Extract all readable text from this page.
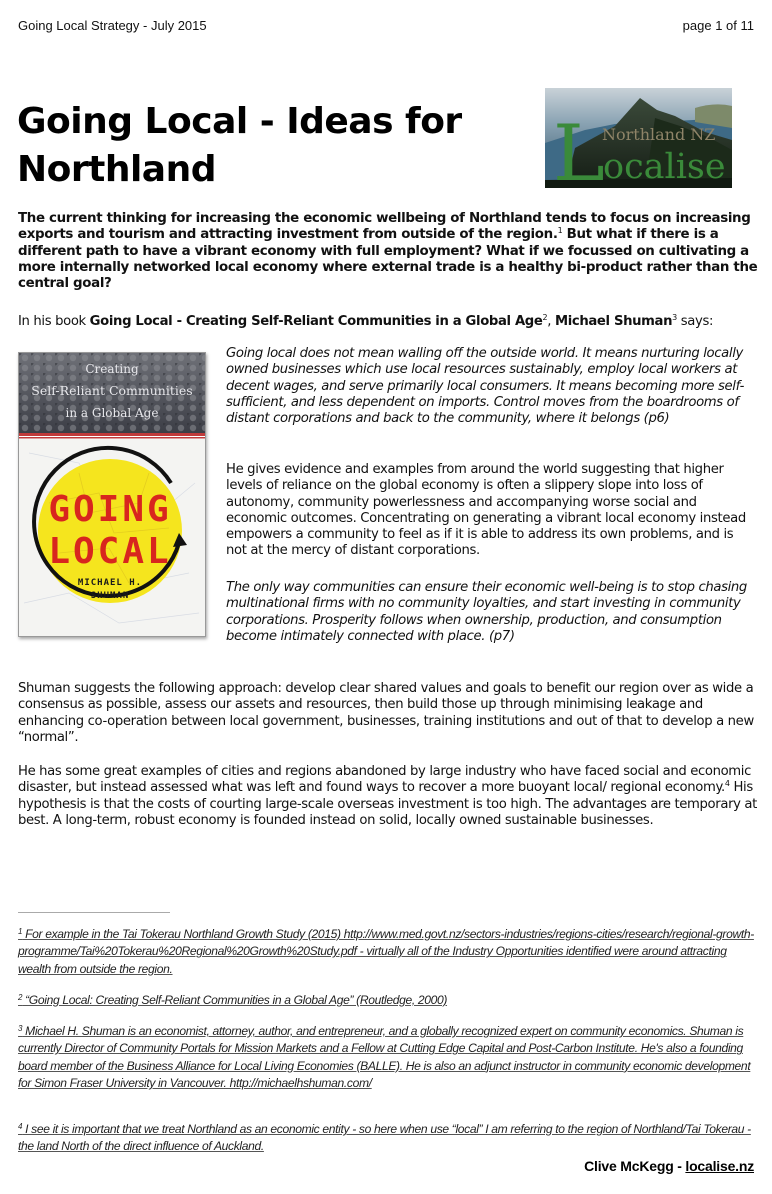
Going Local Strategy - July 2015	page 1 of 11
Going Local - Ideas for Northland	L
Northland NZ
ocalise

The current thinking for increasing the economic wellbeing of Northland tends to focus on increasing exports and tourism and attracting investment from outside of the region.$^1$ But what if there is a different path to have a vibrant economy with full employment? What if we focussed on cultivating a more internally networked local economy where external trade is a healthy bi-product rather than the central goal?

In his book Going Local - Creating Self-Reliant Communities in a Global Age$^2$, Michael Shuman$^3$ says:

Creating
Self-Reliant Communities
in a Global Age
GOING
LOCAL
MICHAEL H.
SHUMAN

Going local does not mean walling off the outside world. It means nurturing locally owned businesses which use local resources sustainably, employ local workers at decent wages, and serve primarily local consumers. It means becoming more self-sufficient, and less dependent on imports. Control moves from the boardrooms of distant corporations and back to the community, where it belongs (p6)

He gives evidence and examples from around the world suggesting that higher levels of reliance on the global economy is often a slippery slope into loss of autonomy, community powerlessness and accompanying worse social and economic outcomes. Concentrating on generating a vibrant local economy instead empowers a community to feel as if it is able to address its own problems, and is not at the mercy of distant corporations.

The only way communities can ensure their economic well-being is to stop chasing multinational firms with no community loyalties, and start investing in community corporations. Prosperity follows when ownership, production, and consumption become intimately connected with place. (p7)

Shuman suggests the following approach: develop clear shared values and goals to benefit our region over as wide a consensus as possible, assess our assets and resources, then build those up through minimising leakage and enhancing co-operation between local government, businesses, training institutions and out of that to develop a new “normal”.

He has some great examples of cities and regions abandoned by large industry who have faced social and economic disaster, but instead assessed what was left and found ways to recover a more buoyant local/ regional economy.$^4$ His hypothesis is that the costs of courting large-scale overseas investment is too high. The advantages are temporary at best. A long-term, robust economy is founded instead on solid, locally owned sustainable businesses.

$^1$ For example in the Tai Tokerau Northland Growth Study (2015) http://www.med.govt.nz/sectors-industries/regions-cities/research/regional-growth-programme/Tai%20Tokerau%20Regional%20Growth%20Study.pdf - virtually all of the Industry Opportunities identified were around attracting wealth from outside the region.

$^2$ “Going Local: Creating Self-Reliant Communities in a Global Age” (Routledge, 2000)

$^3$ Michael H. Shuman is an economist, attorney, author, and entrepreneur, and a globally recognized expert on community economics. Shuman is currently Director of Community Portals for Mission Markets and a Fellow at Cutting Edge Capital and Post-Carbon Institute. He's also a founding board member of the Business Alliance for Local Living Economies (BALLE). He is also an adjunct instructor in community economic development for Simon Fraser University in Vancouver. http://michaelhshuman.com/

$^4$ I see it is important that we treat Northland as an economic entity - so here when use “local” I am referring to the region of Northland/Tai Tokerau - the land North of the direct influence of Auckland.

Clive McKegg - localise.nz
